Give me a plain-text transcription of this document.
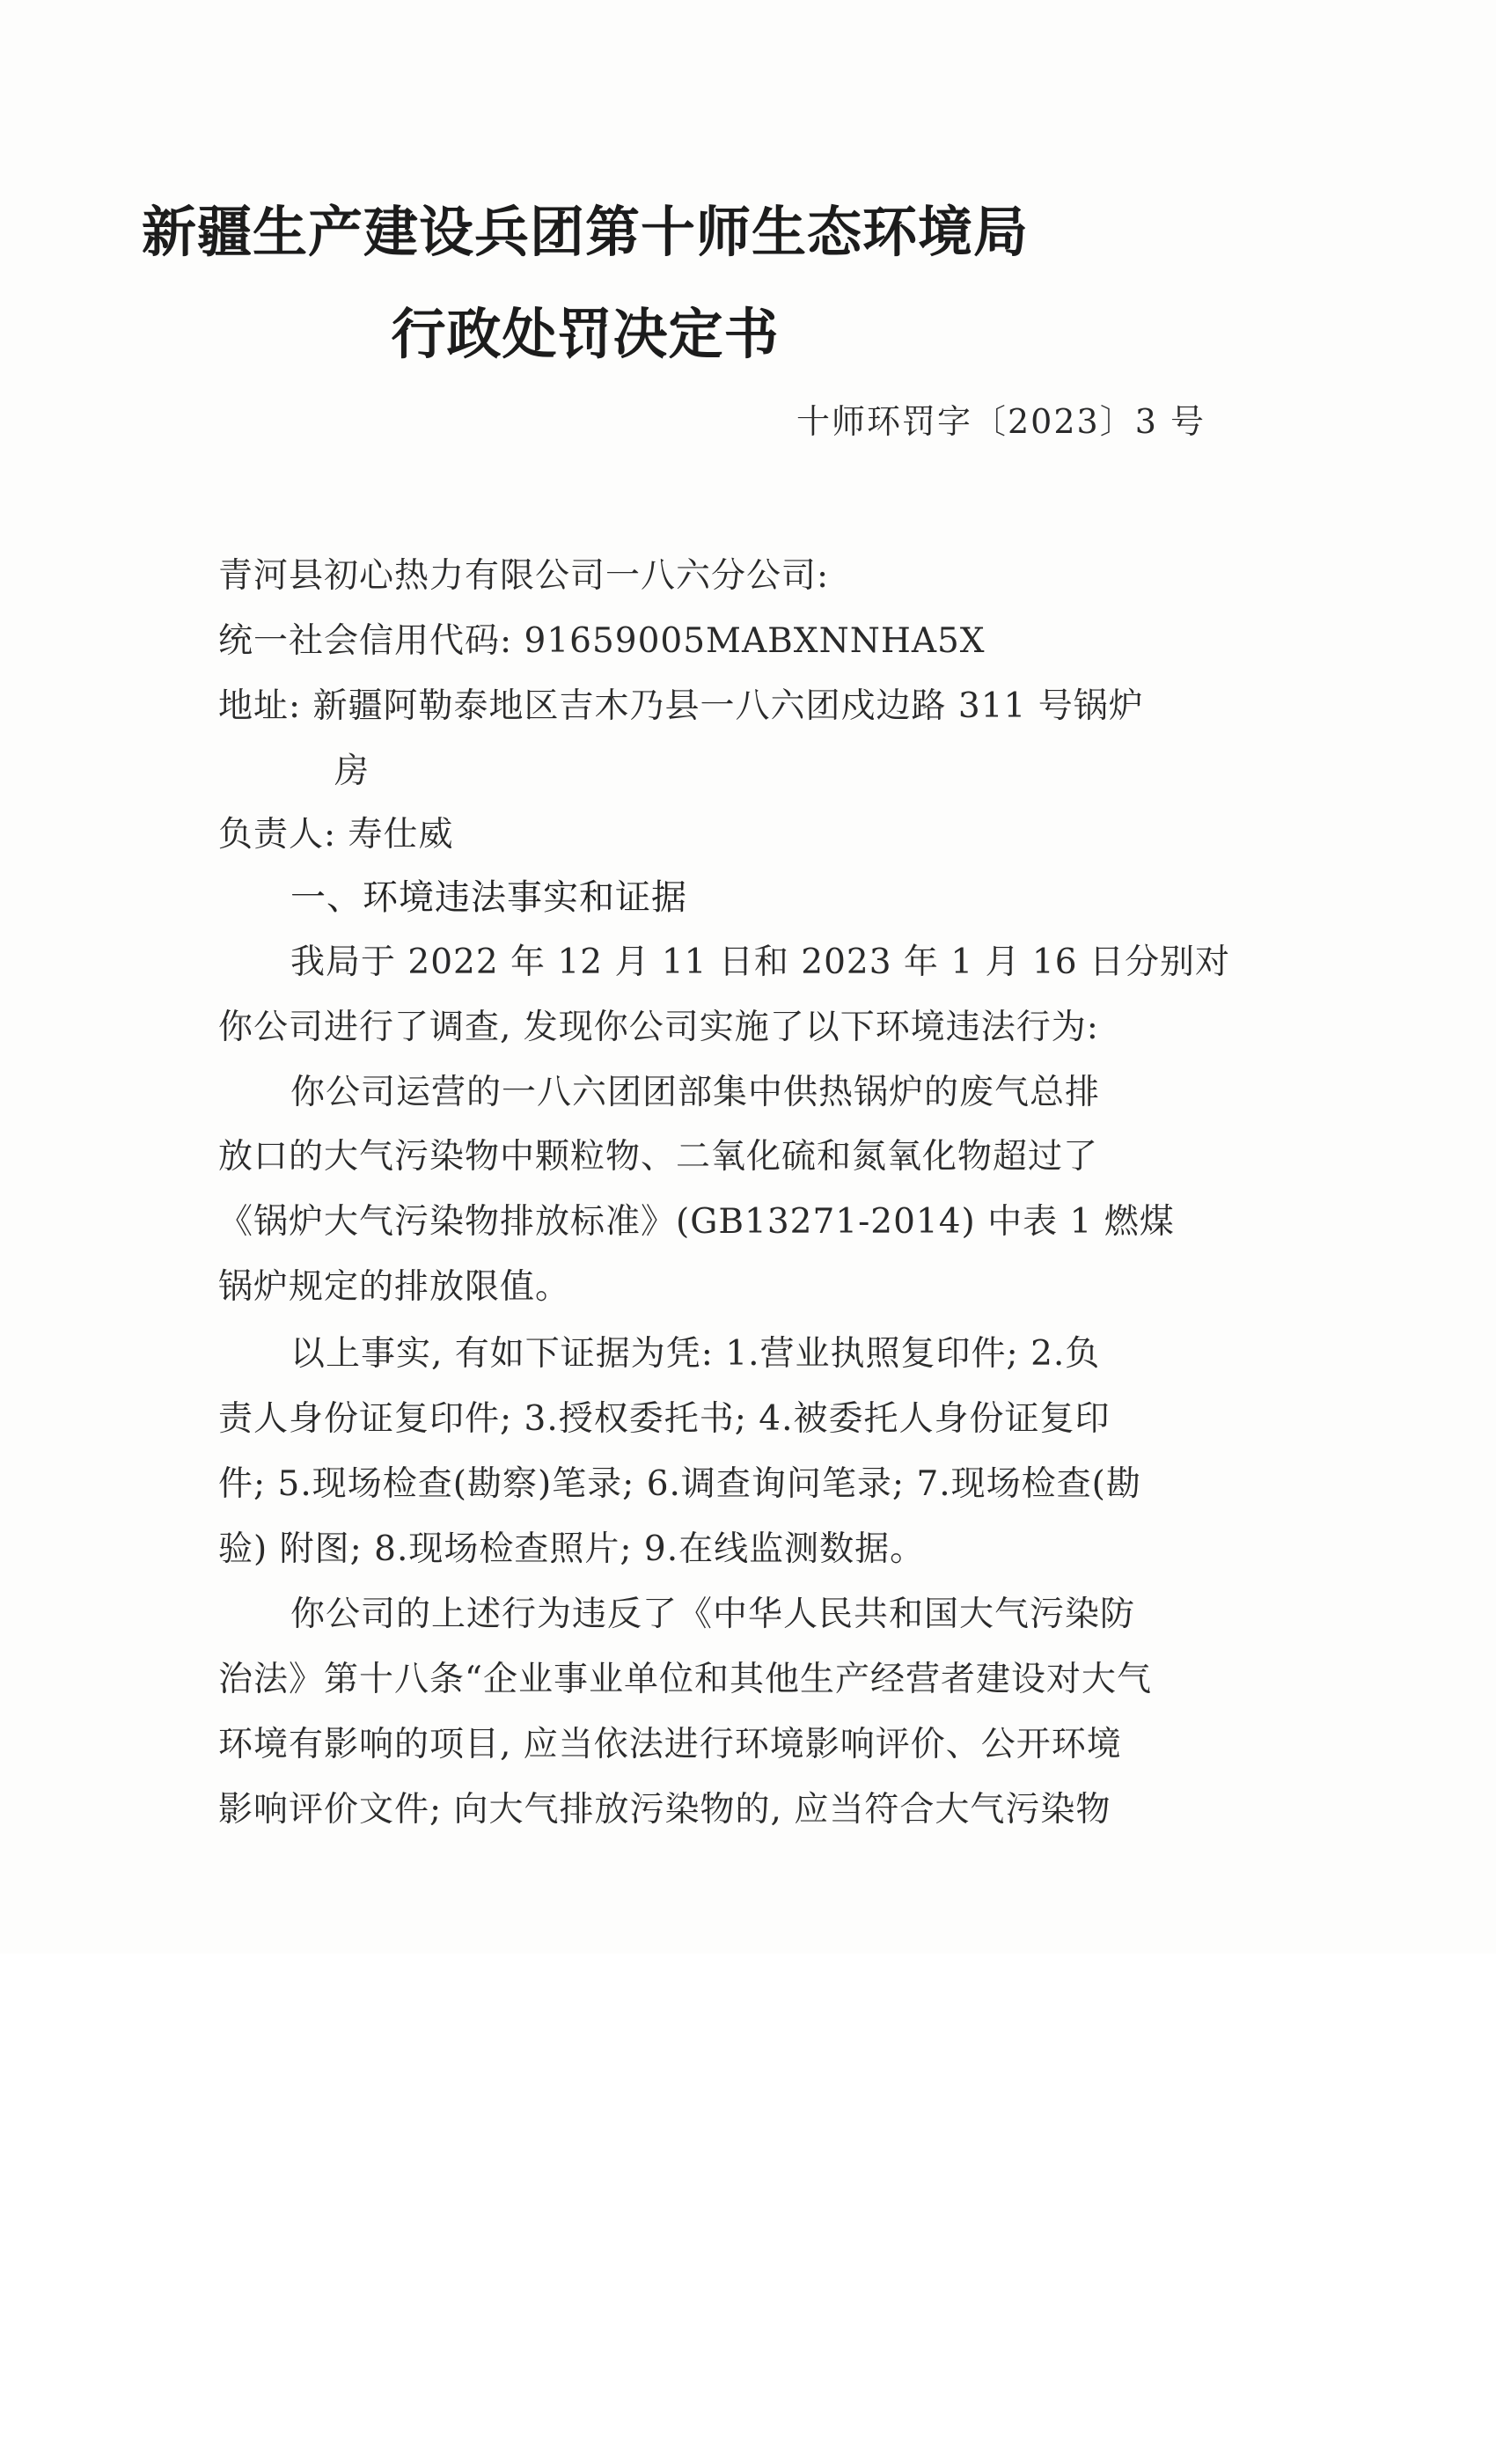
新疆生产建设兵团第十师生态环境局
行政处罚决定书
十师环罚字〔2023〕3 号
青河县初心热力有限公司一八六分公司:
统一社会信用代码: 91659005MABXNNHA5X
地址: 新疆阿勒泰地区吉木乃县一八六团戍边路 311 号锅炉
房
负责人: 寿仕威
一、环境违法事实和证据
我局于 2022 年 12 月 11 日和 2023 年 1 月 16 日分别对
你公司进行了调查, 发现你公司实施了以下环境违法行为:
你公司运营的一八六团团部集中供热锅炉的废气总排
放口的大气污染物中颗粒物、二氧化硫和氮氧化物超过了
《锅炉大气污染物排放标准》(GB13271-2014) 中表 1 燃煤
锅炉规定的排放限值。
以上事实, 有如下证据为凭: 1.营业执照复印件; 2.负
责人身份证复印件; 3.授权委托书; 4.被委托人身份证复印
件; 5.现场检查(勘察)笔录; 6.调查询问笔录; 7.现场检查(勘
验) 附图; 8.现场检查照片; 9.在线监测数据。
你公司的上述行为违反了《中华人民共和国大气污染防
治法》第十八条“企业事业单位和其他生产经营者建设对大气
环境有影响的项目, 应当依法进行环境影响评价、公开环境
影响评价文件; 向大气排放污染物的, 应当符合大气污染物
